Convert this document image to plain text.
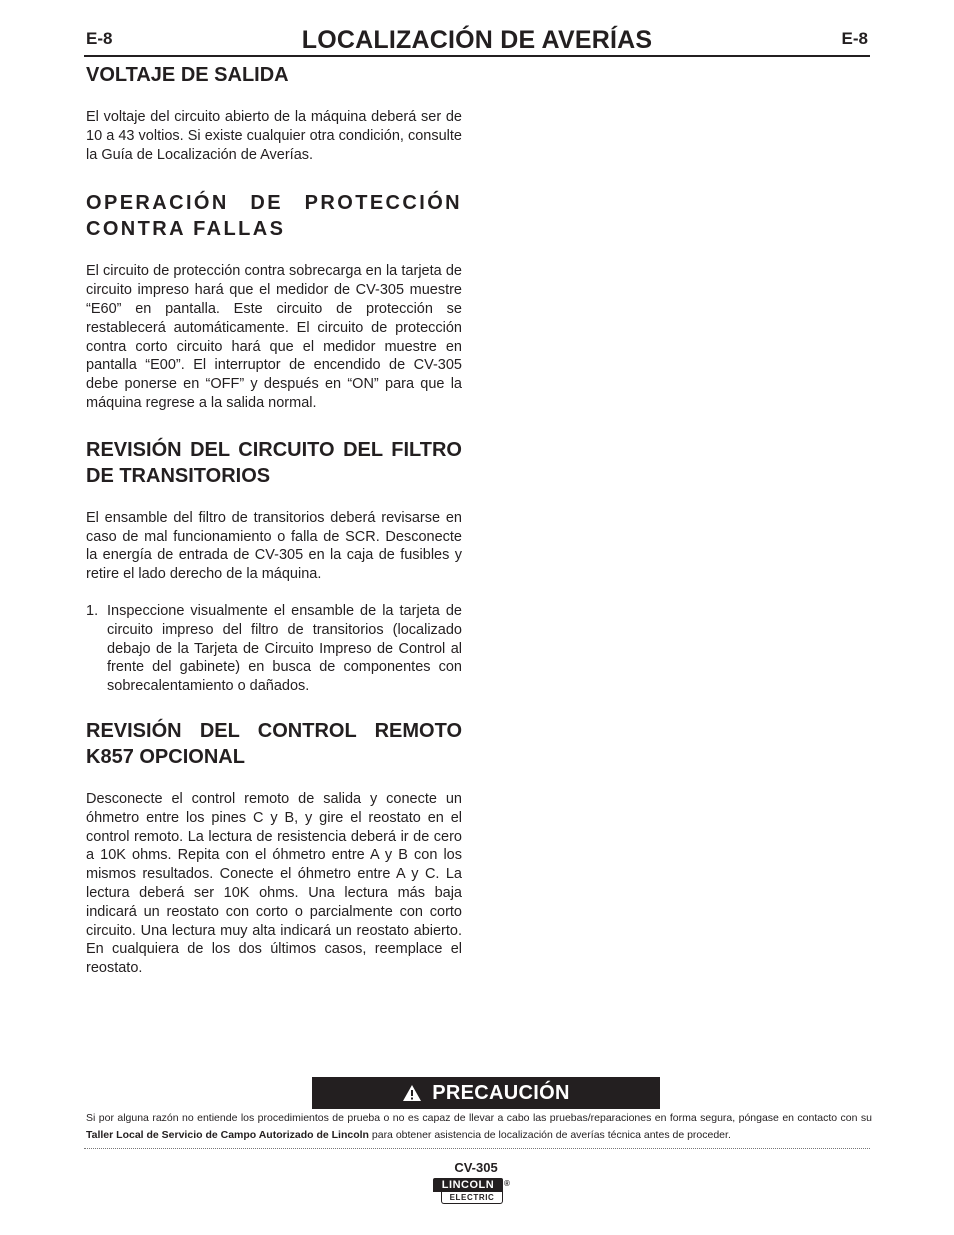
E-8	LOCALIZACIÓN DE AVERÍAS	E-8
VOLTAJE DE SALIDA

El voltaje del circuito abierto de la máquina deberá ser de 10 a 43 voltios. Si existe cualquier otra condición, consulte la Guía de Localización de Averías.

OPERACIÓN DE PROTECCIÓN CONTRA FALLAS

El circuito de protección contra sobrecarga en la tarjeta de circuito impreso hará que el medidor de CV-305 muestre “E60” en pantalla. Este circuito de protección se restablecerá automáticamente. El circuito de protección contra corto circuito hará que el medidor muestre en pantalla “E00”. El interruptor de encendido de CV-305 debe ponerse en “OFF” y después en “ON” para que la máquina regrese a la salida normal.

REVISIÓN DEL CIRCUITO DEL FILTRO DE TRANSITORIOS

El ensamble del filtro de transitorios deberá revisarse en caso de mal funcionamiento o falla de SCR. Desconecte la energía de entrada de CV-305 en la caja de fusibles y retire el lado derecho de la máquina.

1. Inspeccione visualmente el ensamble de la tarjeta de circuito impreso del filtro de transitorios (localizado debajo de la Tarjeta de Circuito Impreso de Control al frente del gabinete) en busca de componentes con sobrecalentamiento o dañados.

REVISIÓN DEL CONTROL REMOTO K857 OPCIONAL

Desconecte el control remoto de salida y conecte un óhmetro entre los pines C y B, y gire el reostato en el control remoto. La lectura de resistencia deberá ir de cero a 10K ohms. Repita con el óhmetro entre A y B con los mismos resultados. Conecte el óhmetro entre A y C. La lectura deberá ser 10K ohms. Una lectura más baja indicará un reostato con corto o parcialmente con corto circuito. Una lectura muy alta indicará un reostato abierto. En cualquiera de los dos últimos casos, reemplace el reostato.

PRECAUCIÓN
Si por alguna razón no entiende los procedimientos de prueba o no es capaz de llevar a cabo las pruebas/reparaciones en forma segura, póngase en contacto con su Taller Local de Servicio de Campo Autorizado de Lincoln para obtener asistencia de localización de averías técnica antes de proceder.
CV-305
LINCOLN
ELECTRIC
®
